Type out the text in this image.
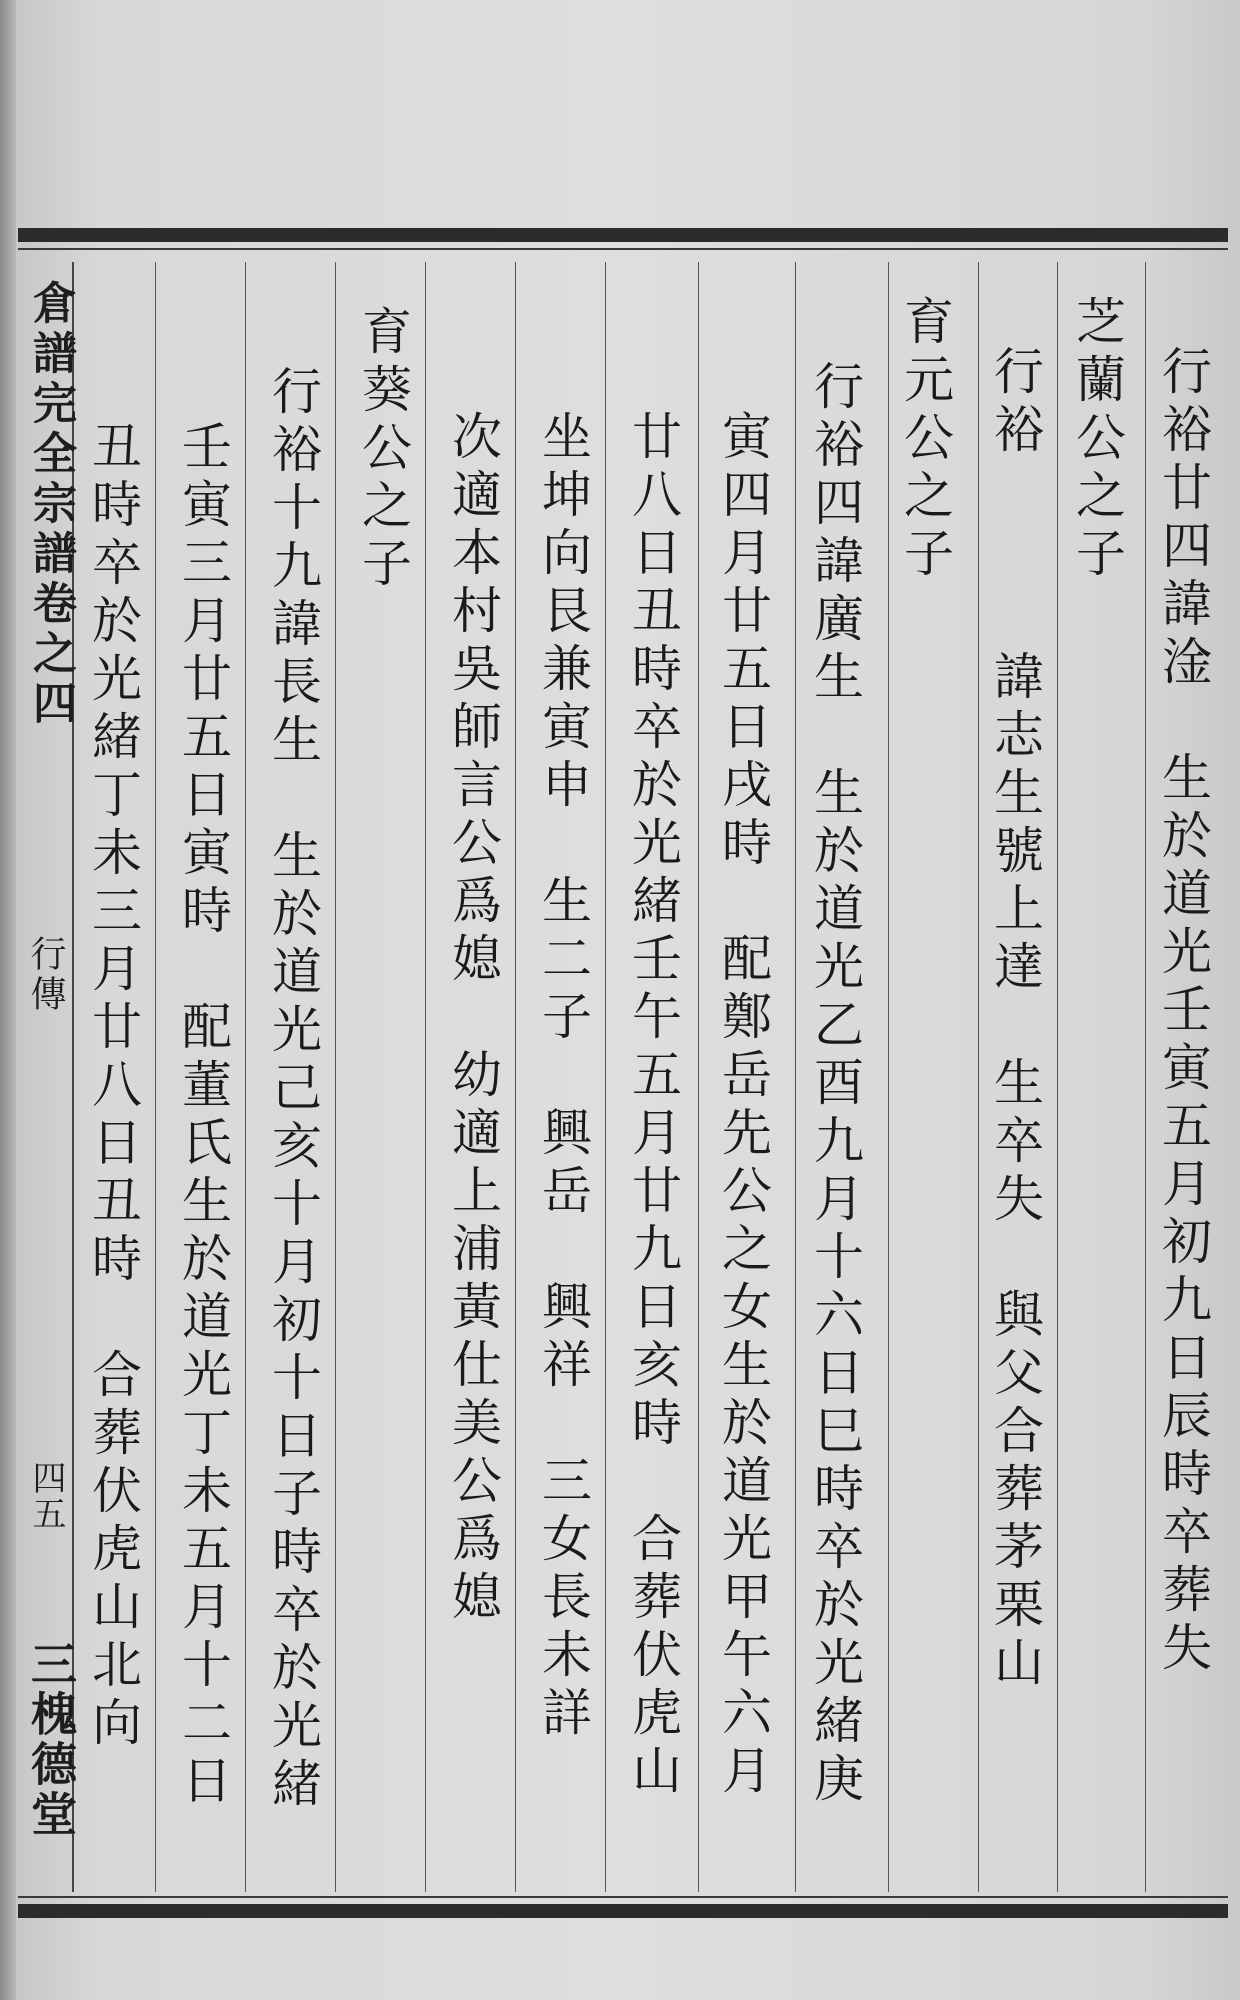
行裕廿四諱淦　生於道光壬寅五月初九日辰時卒葬失
芝蘭公之子
行裕
諱志生號上達　生卒失　與父合葬茅栗山
育元公之子
行裕四諱廣生　生於道光乙酉九月十六日巳時卒於光緒庚
寅四月廿五日戌時　配鄭岳先公之女生於道光甲午六月
廿八日丑時卒於光緒壬午五月廿九日亥時　合葬伏虎山
坐坤向艮兼寅申　生二子　興岳　興祥　三女長未詳
次適本村吳師言公爲媳　幼適上浦黃仕美公爲媳
育葵公之子
行裕十九諱長生　生於道光己亥十月初十日子時卒於光緒
壬寅三月廿五日寅時　配董氏生於道光丁未五月十二日
丑時卒於光緒丁未三月廿八日丑時　合葬伏虎山北向
倉譜完全宗譜卷之四
行傳
四五
三槐德堂
